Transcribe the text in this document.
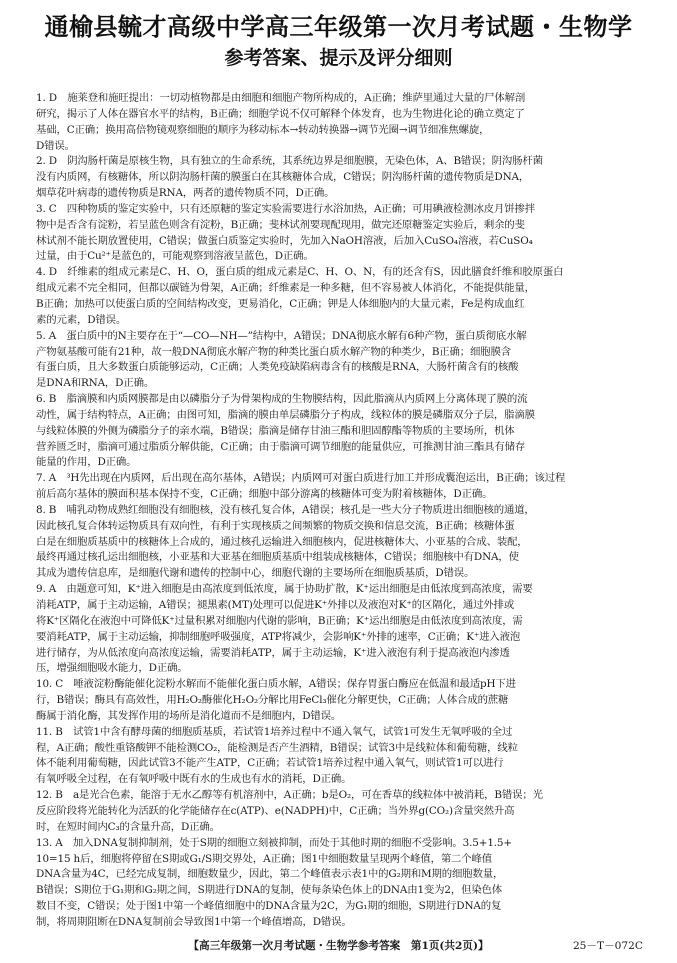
通榆县毓才高级中学高三年级第一次月考试题・生物学
参考答案、提示及评分细则
1. D　施莱登和施旺提出：一切动植物都是由细胞和细胞产物所构成的，A正确；维萨里通过大量的尸体解剖
研究，揭示了人体在器官水平的结构，B正确；细胞学说不仅可解释个体发育，也为生物进化论的确立奠定了
基础，C正确；换用高倍物镜观察细胞的顺序为移动标本→转动转换器→调节光圈→调节细准焦螺旋，
D错误。
2. D　阴沟肠杆菌是原核生物，具有独立的生命系统，其系统边界是细胞膜，无染色体，A、B错误；阴沟肠杆菌
没有内质网，有核糖体，所以阴沟肠杆菌的膜蛋白在其核糖体合成，C错误；阴沟肠杆菌的遗传物质是DNA，
烟草花叶病毒的遗传物质是RNA，两者的遗传物质不同，D正确。
3. C　四种物质的鉴定实验中，只有还原糖的鉴定实验需要进行水浴加热，A正确；可用碘液检测冰皮月饼掺拌
物中是否含有淀粉，若呈蓝色则含有淀粉，B正确；斐林试剂要现配现用，做完还原糖鉴定实验后，剩余的斐
林试剂不能长期放置使用，C错误；做蛋白质鉴定实验时，先加入NaOH溶液，后加入CuSO₄溶液，若CuSO₄
过量，由于Cu²⁺是蓝色的，可能观察到溶液呈蓝色，D正确。
4. D　纤维素的组成元素是C、H、O，蛋白质的组成元素是C、H、O、N，有的还含有S，因此膳食纤维和胶原蛋白
组成元素不完全相同，但都以碳链为骨架，A正确；纤维素是一种多糖，但不容易被人体消化，不能提供能量，
B正确；加热可以使蛋白质的空间结构改变，更易消化，C正确；钾是人体细胞内的大量元素，Fe是构成血红
素的元素，D错误。
5. A　蛋白质中的N主要存在于“—CO—NH—”结构中，A错误；DNA彻底水解有6种产物，蛋白质彻底水解
产物氨基酸可能有21种，故一般DNA彻底水解产物的种类比蛋白质水解产物的种类少，B正确；细胞膜含
有蛋白质，且大多数蛋白质能够运动，C正确；人类免疫缺陷病毒含有的核酸是RNA，大肠杆菌含有的核酸
是DNA和RNA，D正确。
6. B　脂滴膜和内质网膜都是由以磷脂分子为骨架构成的生物膜结构，因此脂滴从内质网上分离体现了膜的流
动性，属于结构特点，A正确；由图可知，脂滴的膜由单层磷脂分子构成，线粒体的膜是磷脂双分子层，脂滴膜
与线粒体膜的外侧为磷脂分子的亲水端，B错误；脂滴是储存甘油三酯和胆固醇酯等物质的主要场所，机体
营养匮乏时，脂滴可通过脂质分解供能，C正确；由于脂滴可调节细胞的能量供应，可推测甘油三酯具有储存
能量的作用，D正确。
7. A　³H先出现在内质网，后出现在高尔基体，A错误；内质网可对蛋白质进行加工并形成囊泡运出，B正确；该过程
前后高尔基体的膜面积基本保持不变，C正确；细胞中部分游离的核糖体可变为附着核糖体，D正确。
8. B　哺乳动物成熟红细胞没有细胞核，没有核孔复合体，A错误；核孔是一些大分子物质进出细胞核的通道，
因此核孔复合体转运物质具有双向性，有利于实现核质之间频繁的物质交换和信息交流，B正确；核糖体蛋
白是在细胞质基质中的核糖体上合成的，通过核孔运输进入细胞核内，促进核糖体大、小亚基的合成、装配，
最终再通过核孔运出细胞核，小亚基和大亚基在细胞质基质中组装成核糖体，C错误；细胞核中有DNA，使
其成为遗传信息库，是细胞代谢和遗传的控制中心，细胞代谢的主要场所在细胞质基质，D错误。
9. A　由题意可知，K⁺进入细胞是由高浓度到低浓度，属于协助扩散，K⁺运出细胞是由低浓度到高浓度，需要
消耗ATP，属于主动运输，A错误；褪黑素(MT)处理可以促进K⁺外排以及液泡对K⁺的区隔化，通过外排或
将K⁺区隔化在液泡中可降低K⁺过量积累对细胞内代谢的影响，B正确；K⁺运出细胞是由低浓度到高浓度，需
要消耗ATP，属于主动运输，抑制细胞呼吸强度，ATP将减少，会影响K⁺外排的速率，C正确；K⁺进入液泡
进行储存，为从低浓度向高浓度运输，需要消耗ATP，属于主动运输，K⁺进入液泡有利于提高液泡内渗透
压，增强细胞吸水能力，D正确。
10. C　唾液淀粉酶能催化淀粉水解而不能催化蛋白质水解，A错误；保存胃蛋白酶应在低温和最适pH下进
行，B错误；酶具有高效性，用H₂O₂酶催化H₂O₂分解比用FeCl₃催化分解更快，C正确；人体合成的蔗糖
酶属于消化酶，其发挥作用的场所是消化道而不是细胞内，D错误。
11. B　试管1中含有酵母菌的细胞质基质，若试管1培养过程中不通入氧气，试管1可发生无氧呼吸的全过
程，A正确；酸性重铬酸钾不能检测CO₂，能检测是否产生酒精，B错误；试管3中是线粒体和葡萄糖，线粒
体不能利用葡萄糖，因此试管3不能产生ATP，C正确；若试管1培养过程中通入氧气，则试管1可以进行
有氧呼吸全过程，在有氧呼吸中既有水的生成也有水的消耗，D正确。
12. B　a是光合色素，能溶于无水乙醇等有机溶剂中，A正确；b是O₂，可在香草的线粒体中被消耗，B错误；光
反应阶段将光能转化为活跃的化学能储存在c(ATP)、e(NADPH)中，C正确；当外界g(CO₂)含量突然升高
时，在短时间内C₃的含量升高，D正确。
13. A　加入DNA复制抑制剂，处于S期的细胞立刻被抑制，而处于其他时期的细胞不受影响。3.5+1.5+
10=15 h后，细胞将停留在S期或G₁/S期交界处，A正确；图1中细胞数量呈现两个峰值，第二个峰值
DNA含量为4C，已经完成复制，细胞数量少，因此，第二个峰值表示表1中的G₂期和M期的细胞数量，
B错误；S期位于G₁期和G₂期之间，S期进行DNA的复制，使每条染色体上的DNA由1变为2，但染色体
数目不变，C错误；处于图1中第一个峰值细胞中的DNA含量为2C，为G₁期的细胞，S期进行DNA的复
制，将周期阻断在DNA复制前会导致图1中第一个峰值增高，D错误。
【高三年级第一次月考试题・生物学参考答案　第1页(共2页)】	25－T－072C
